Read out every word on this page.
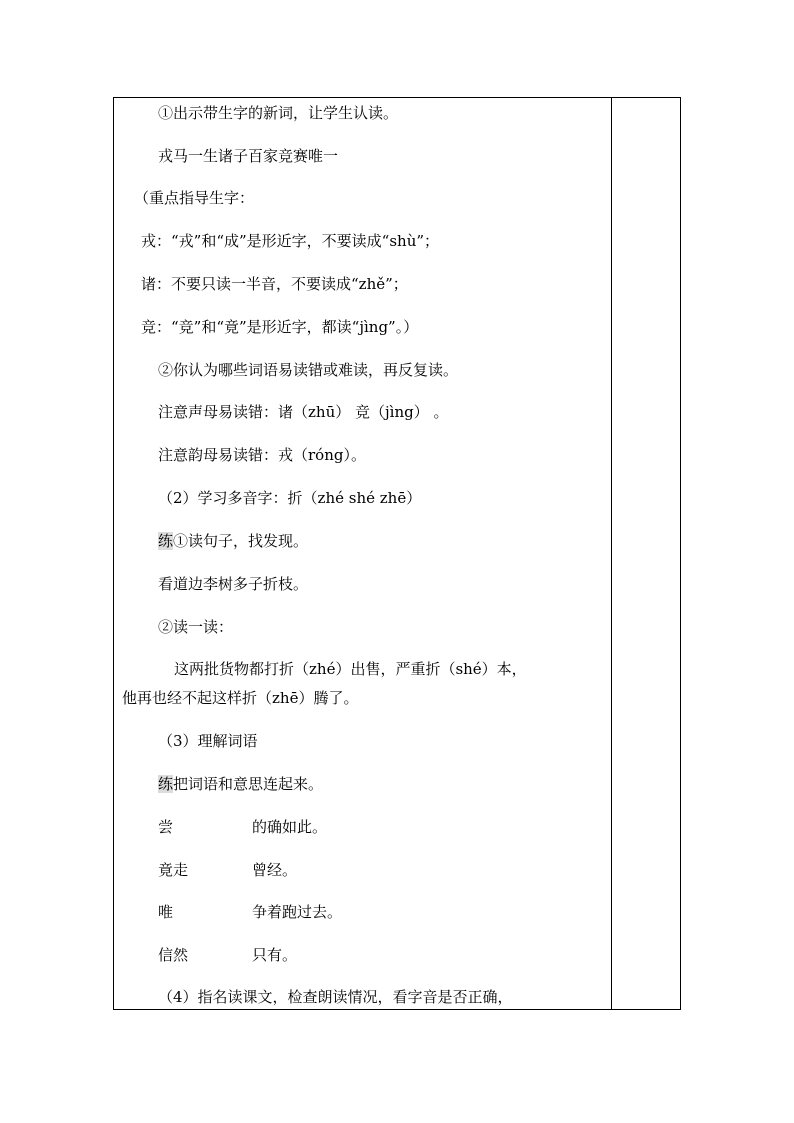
①出示带生字的新词，让学生认读。
戎马一生诸子百家竞赛唯一
（重点指导生字：
戎：“戎”和“成”是形近字，不要读成“shù”；
诸：不要只读一半音，不要读成“zhě”；
竞：“竞”和“竟”是形近字，都读“jìng”。）
②你认为哪些词语易读错或难读，再反复读。
注意声母易读错：诸（zhū） 竞（jìng） 。
注意韵母易读错：戎（róng）。
（2）学习多音字：折（zhé shé zhē）
练①读句子，找发现。
看道边李树多子折枝。
②读一读：
这两批货物都打折（zhé）出售，严重折（shé）本，
他再也经不起这样折（zhē）腾了。
（3）理解词语
练把词语和意思连起来。
尝	的确如此。
竟走	曾经。
唯	争着跑过去。
信然	只有。
（4）指名读课文，检查朗读情况，看字音是否正确，
